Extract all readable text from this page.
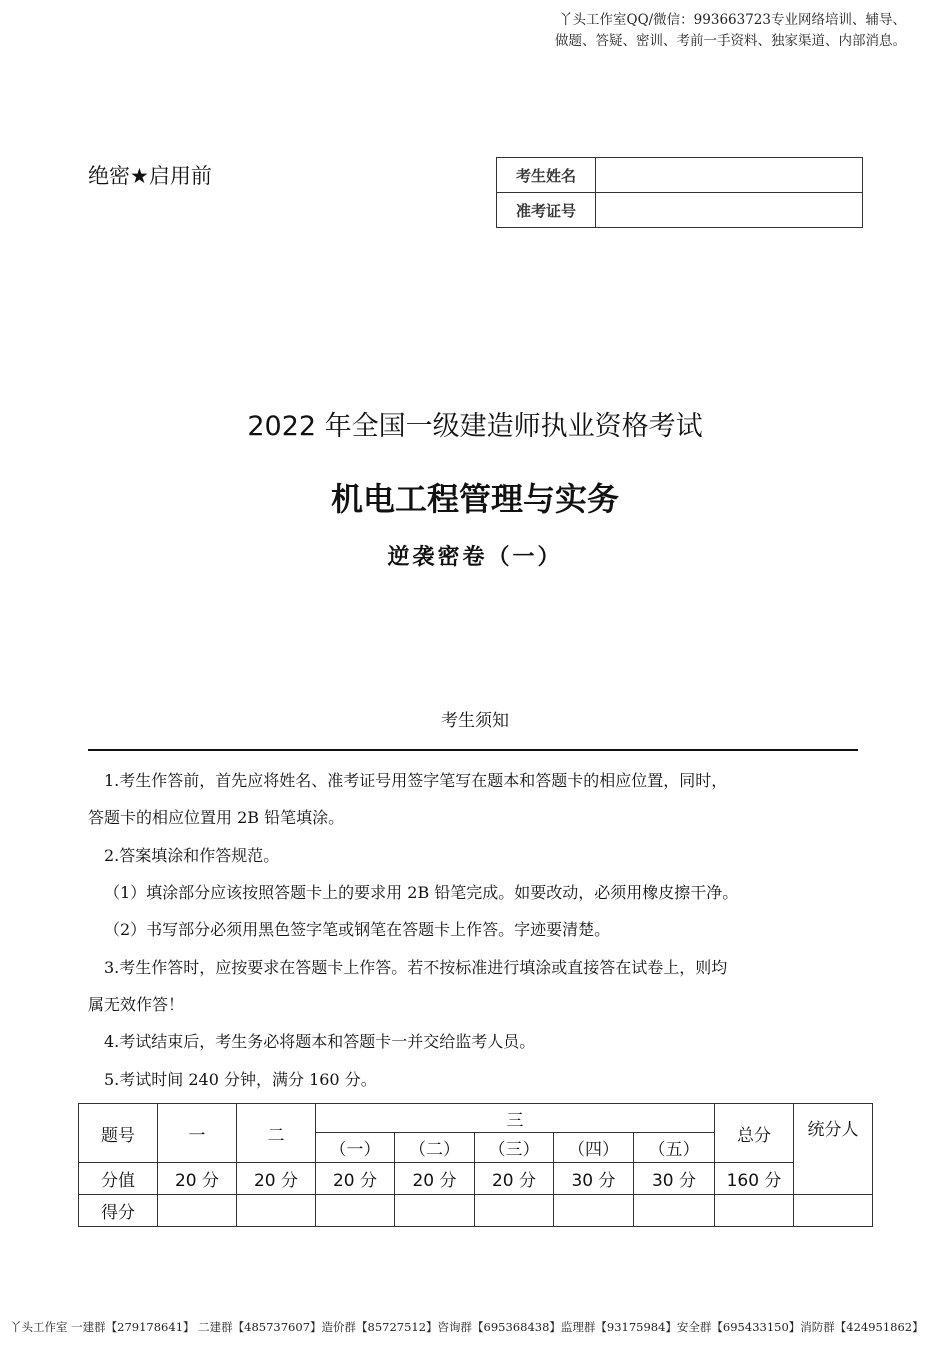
丫头工作室QQ/微信：993663723专业网络培训、辅导、
做题、答疑、密训、考前一手资料、独家渠道、内部消息。
绝密★启用前	考生姓名	
准考证号	
2022 年全国一级建造师执业资格考试
机电工程管理与实务
逆袭密卷（一）
考生须知
1.考生作答前，首先应将姓名、准考证号用签字笔写在题本和答题卡的相应位置，同时，
答题卡的相应位置用 2B 铅笔填涂。
2.答案填涂和作答规范。
（1）填涂部分应该按照答题卡上的要求用 2B 铅笔完成。如要改动，必须用橡皮擦干净。
（2）书写部分必须用黑色签字笔或钢笔在答题卡上作答。字迹要清楚。
3.考生作答时，应按要求在答题卡上作答。若不按标准进行填涂或直接答在试卷上，则均
属无效作答！
4.考试结束后，考生务必将题本和答题卡一并交给监考人员。
5.考试时间 240 分钟，满分 160 分。
题号	一	二	三					总分	统分人
			（一）	（二）	（三）	（四）	（五）		
分值	20 分	20 分	20 分	20 分	20 分	30 分	30 分	160 分	
得分									
丫头工作室 一建群【279178641】 二建群【485737607】造价群【85727512】咨询群【695368438】监理群【93175984】安全群【695433150】消防群【424951862】
